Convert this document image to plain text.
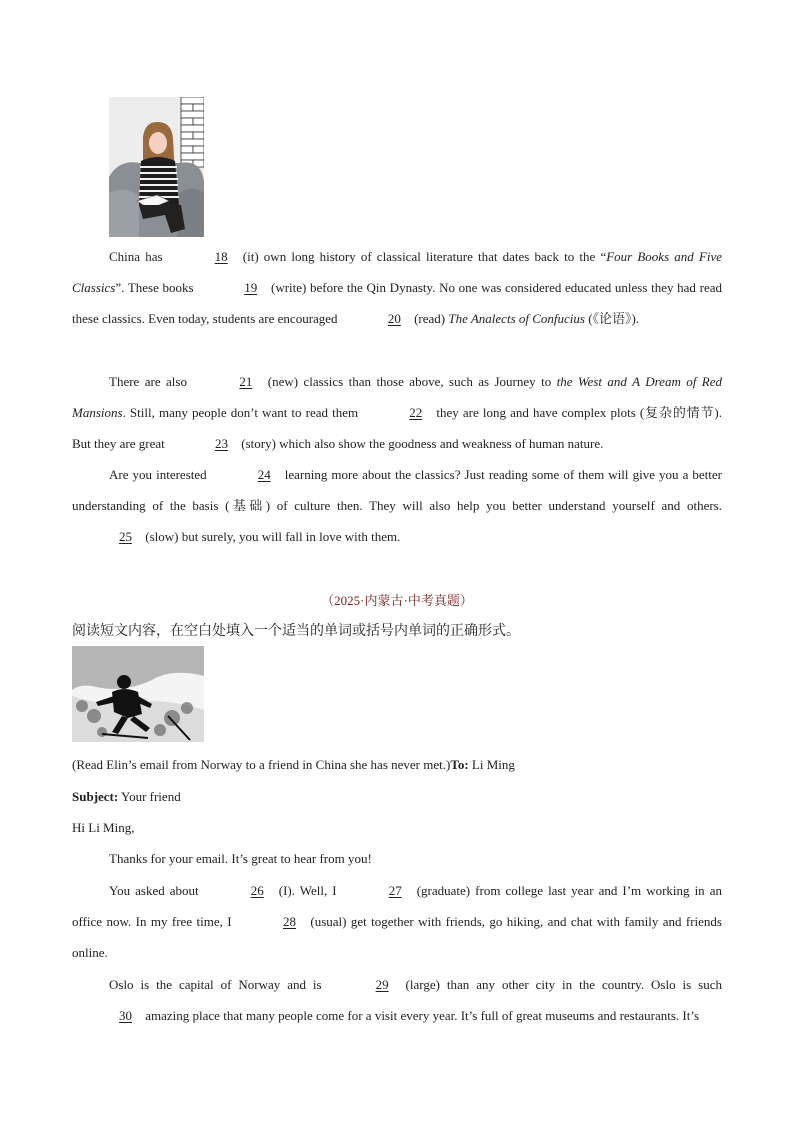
China has	18 (it) own long history of classical literature that dates back to the “Four Books and Five Classics”. These books	19 (write) before the Qin Dynasty. No one was considered educated unless they had read these classics. Even today, students are encouraged	20 (read) The Analects of Confucius (《论语》).

There are also	21 (new) classics than those above, such as Journey to the West and A Dream of Red Mansions. Still, many people don’t want to read them	22 they are long and have complex plots (复杂的情节). But they are great	23 (story) which also show the goodness and weakness of human nature.

Are you interested	24 learning more about the classics? Just reading some of them will give you a better understanding of the basis (基础) of culture then. They will also help you better understand yourself and others. 25 (slow) but surely, you will fall in love with them.

（2025·内蒙古·中考真题）
阅读短文内容，在空白处填入一个适当的单词或括号内单词的正确形式。
(Read Elin’s email from Norway to a friend in China she has never met.)To: Li Ming
Subject: Your friend
Hi Li Ming,
Thanks for your email. It’s great to hear from you!

You asked about	26 (I). Well, I	27 (graduate) from college last year and I’m working in an office now. In my free time, I	28 (usual) get together with friends, go hiking, and chat with family and friends online.

Oslo is the capital of Norway and is	29 (large) than any other city in the country. Oslo is such 30 amazing place that many people come for a visit every year. It’s full of great museums and restaurants. It’s
